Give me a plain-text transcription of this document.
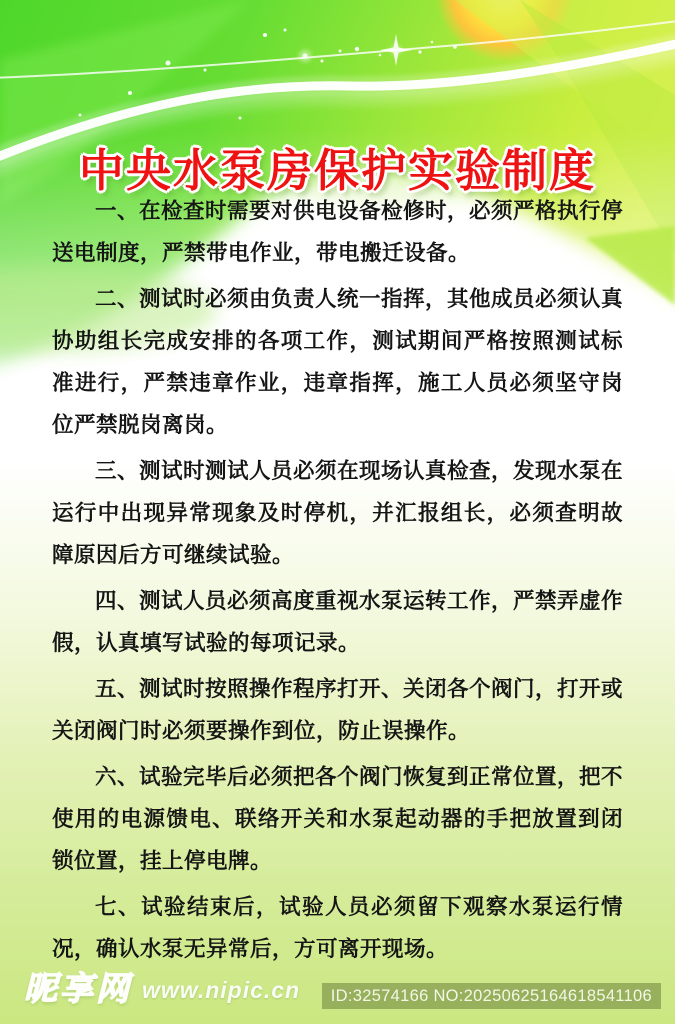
中央水泵房保护实验制度

一、在检查时需要对供电设备检修时，必须严格执行停送电制度，严禁带电作业，带电搬迁设备。

二、测试时必须由负责人统一指挥，其他成员必须认真协助组长完成安排的各项工作，测试期间严格按照测试标准进行，严禁违章作业，违章指挥，施工人员必须坚守岗位严禁脱岗离岗。

三、测试时测试人员必须在现场认真检查，发现水泵在运行中出现异常现象及时停机，并汇报组长，必须查明故障原因后方可继续试验。

四、测试人员必须高度重视水泵运转工作，严禁弄虚作假，认真填写试验的每项记录。

五、测试时按照操作程序打开、关闭各个阀门，打开或关闭阀门时必须要操作到位，防止误操作。

六、试验完毕后必须把各个阀门恢复到正常位置，把不使用的电源馈电、联络开关和水泵起动器的手把放置到闭锁位置，挂上停电牌。

七、试验结束后，试验人员必须留下观察水泵运行情况，确认水泵无异常后，方可离开现场。

昵享网 www.nipic.cn	ID:32574166 NO:20250625164618541106
